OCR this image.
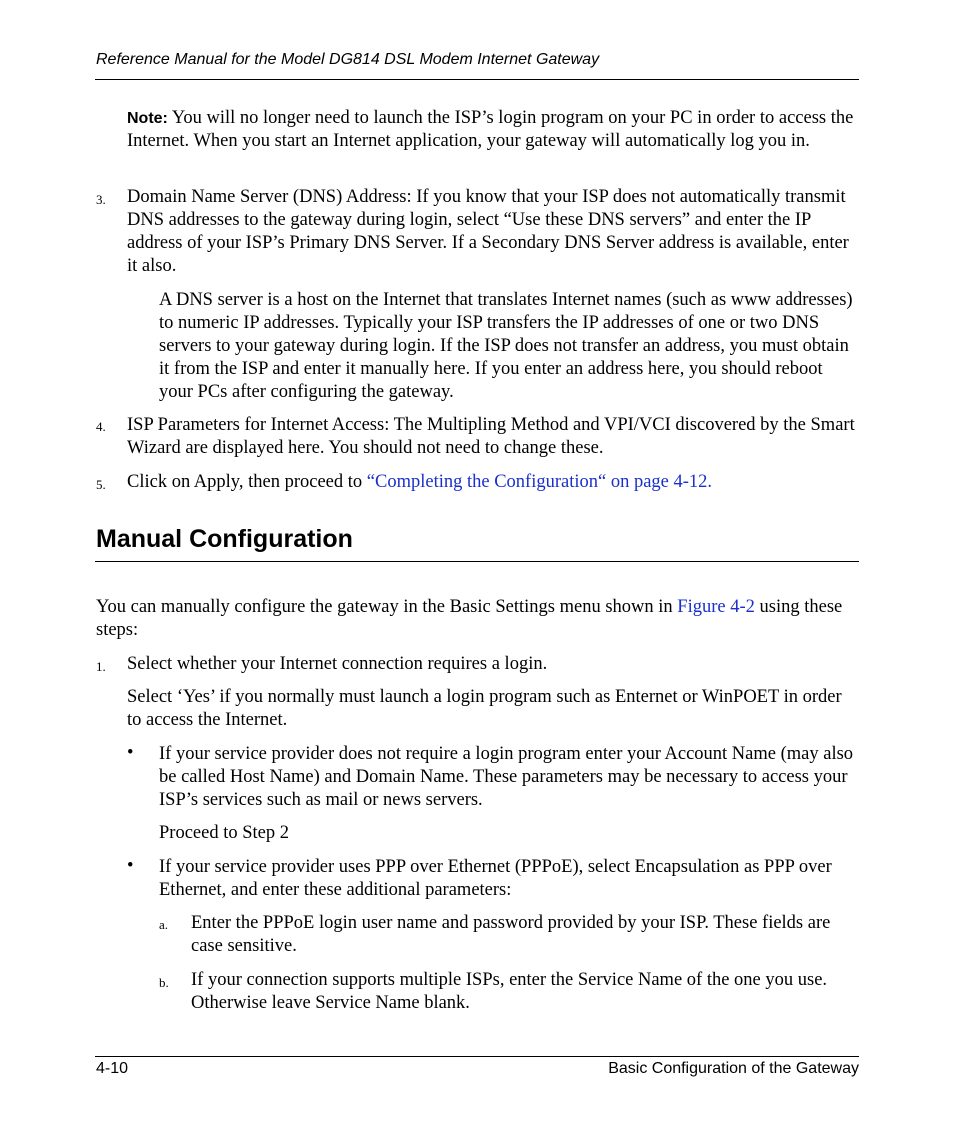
Reference Manual for the Model DG814 DSL Modem Internet Gateway
Note: You will no longer need to launch the ISP’s login program on your PC in order to access the Internet. When you start an Internet application, your gateway will automatically log you in.
3. Domain Name Server (DNS) Address: If you know that your ISP does not automatically transmit DNS addresses to the gateway during login, select “Use these DNS servers” and enter the IP address of your ISP’s Primary DNS Server. If a Secondary DNS Server address is available, enter it also.
A DNS server is a host on the Internet that translates Internet names (such as www addresses) to numeric IP addresses. Typically your ISP transfers the IP addresses of one or two DNS servers to your gateway during login. If the ISP does not transfer an address, you must obtain it from the ISP and enter it manually here. If you enter an address here, you should reboot your PCs after configuring the gateway.
4. ISP Parameters for Internet Access: The Multipling Method and VPI/VCI discovered by the Smart Wizard are displayed here. You should not need to change these.
5. Click on Apply, then proceed to “Completing the Configuration“ on page 4-12.
Manual Configuration
You can manually configure the gateway in the Basic Settings menu shown in Figure 4-2 using these steps:
1. Select whether your Internet connection requires a login.
Select ‘Yes’ if you normally must launch a login program such as Enternet or WinPOET in order to access the Internet.
• If your service provider does not require a login program enter your Account Name (may also be called Host Name) and Domain Name. These parameters may be necessary to access your ISP’s services such as mail or news servers.
Proceed to Step 2
• If your service provider uses PPP over Ethernet (PPPoE), select Encapsulation as PPP over Ethernet, and enter these additional parameters:
a. Enter the PPPoE login user name and password provided by your ISP. These fields are case sensitive.
b. If your connection supports multiple ISPs, enter the Service Name of the one you use. Otherwise leave Service Name blank.
4-10	Basic Configuration of the Gateway
